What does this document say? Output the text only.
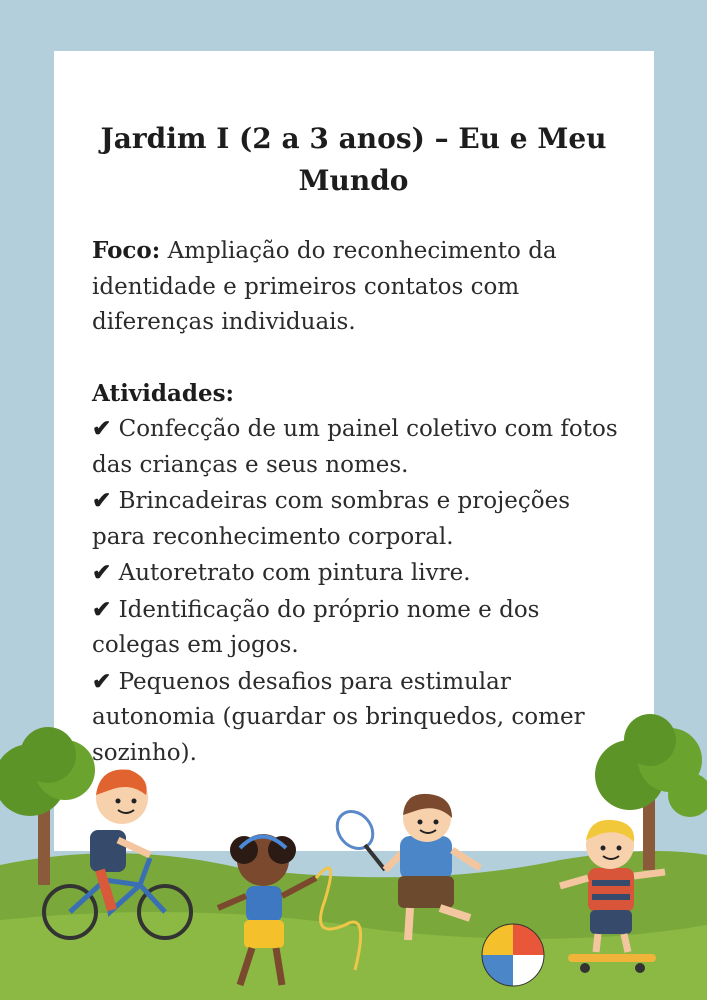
Jardim I (2 a 3 anos) – Eu e Meu Mundo

Foco: Ampliação do reconhecimento da identidade e primeiros contatos com diferenças individuais.

Atividades:

✔ Confecção de um painel coletivo com fotos das crianças e seus nomes.

✔ Brincadeiras com sombras e projeções para reconhecimento corporal.

✔ Autoretrato com pintura livre.

✔ Identificação do próprio nome e dos colegas em jogos.

✔ Pequenos desafios para estimular autonomia (guardar os brinquedos, comer sozinho).
